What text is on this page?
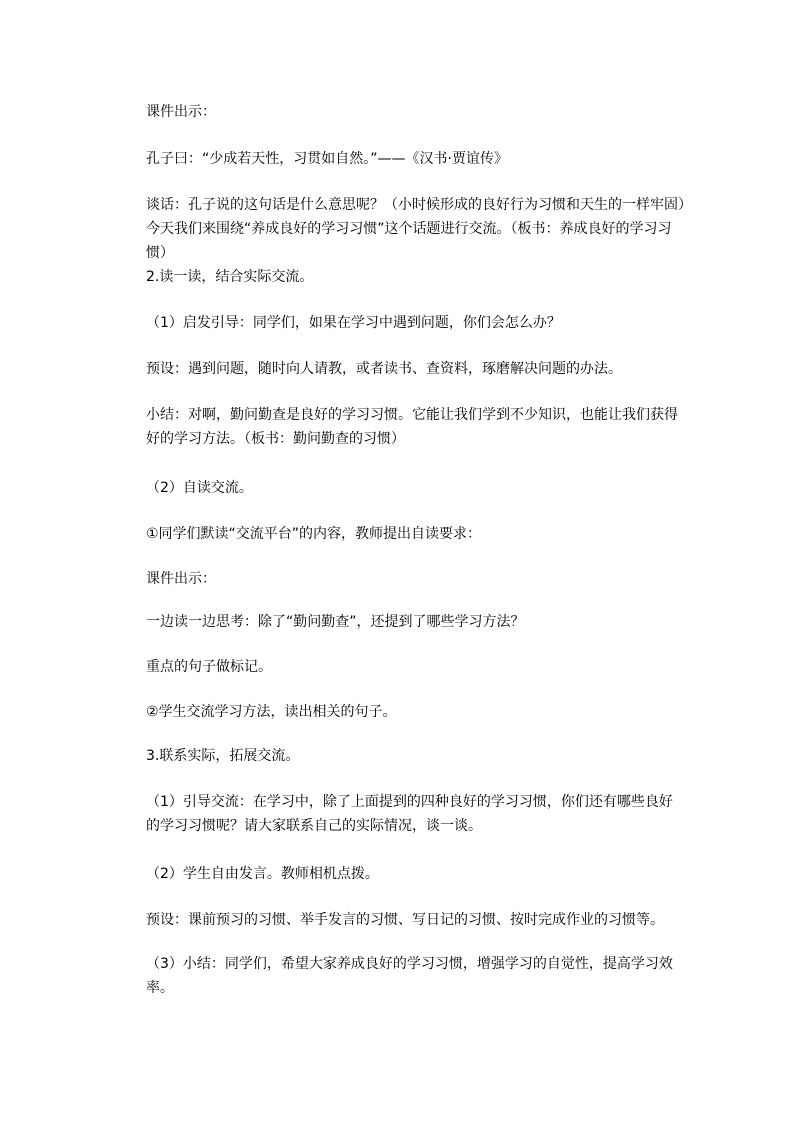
课件出示：
孔子曰：“少成若天性，习贯如自然。”——《汉书·贾谊传》
谈话：孔子说的这句话是什么意思呢？（小时候形成的良好行为习惯和天生的一样牢固）今天我们来围绕“养成良好的学习习惯”这个话题进行交流。（板书：养成良好的学习习惯）
2.读一读，结合实际交流。
（1）启发引导：同学们，如果在学习中遇到问题，你们会怎么办？
预设：遇到问题，随时向人请教，或者读书、查资料，琢磨解决问题的办法。
小结：对啊，勤问勤查是良好的学习习惯。它能让我们学到不少知识，也能让我们获得好的学习方法。（板书：勤问勤查的习惯）
（2）自读交流。
①同学们默读“交流平台”的内容，教师提出自读要求：
课件出示：
一边读一边思考：除了“勤问勤查”，还提到了哪些学习方法？
重点的句子做标记。
②学生交流学习方法，读出相关的句子。
3.联系实际，拓展交流。
（1）引导交流：在学习中，除了上面提到的四种良好的学习习惯，你们还有哪些良好的学习习惯呢？请大家联系自己的实际情况，谈一谈。
（2）学生自由发言。教师相机点拨。
预设：课前预习的习惯、举手发言的习惯、写日记的习惯、按时完成作业的习惯等。
（3）小结：同学们，希望大家养成良好的学习习惯，增强学习的自觉性，提高学习效率。
